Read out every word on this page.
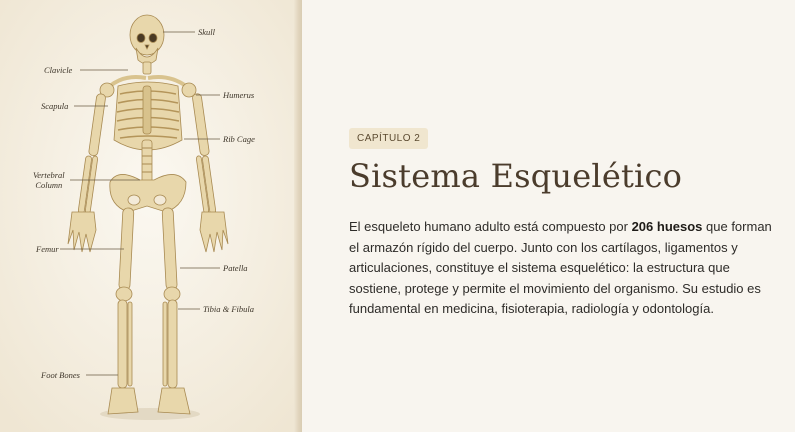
Skull
Clavicle
Humerus
Scapula
Rib Cage
Vertebral
Column
Femur
Patella
Tibia & Fibula
Foot Bones
CAPÍTULO 2
Sistema Esquelético

El esqueleto humano adulto está compuesto por 206 huesos que forman el armazón rígido del cuerpo. Junto con los cartílagos, ligamentos y articulaciones, constituye el sistema esquelético: la estructura que sostiene, protege y permite el movimiento del organismo. Su estudio es fundamental en medicina, fisioterapia, radiología y odontología.
